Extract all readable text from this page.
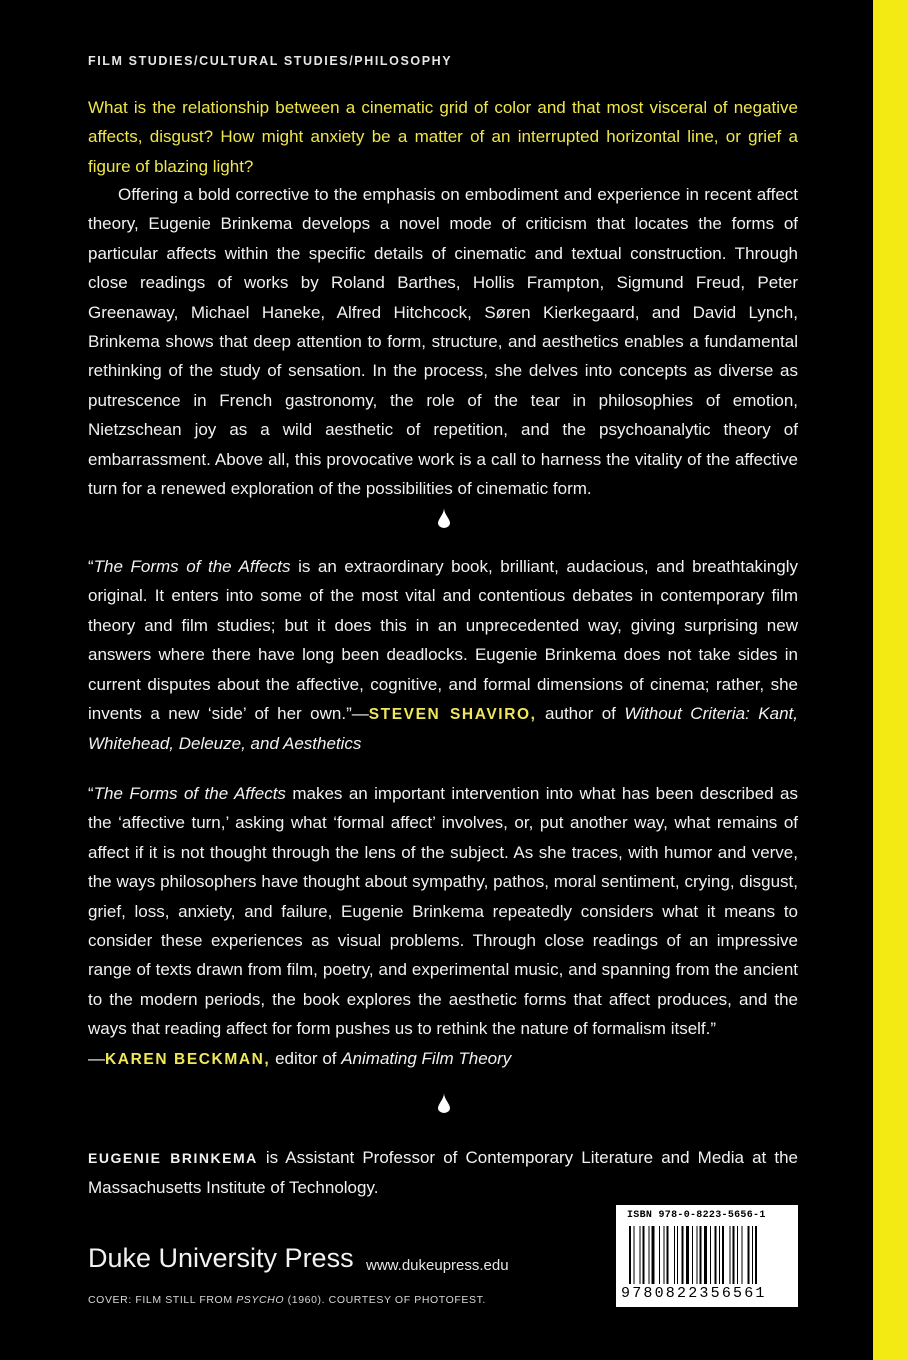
FILM STUDIES/CULTURAL STUDIES/PHILOSOPHY

What is the relationship between a cinematic grid of color and that most visceral of negative affects, disgust? How might anxiety be a matter of an interrupted horizontal line, or grief a figure of blazing light?

Offering a bold corrective to the emphasis on embodiment and experience in recent affect theory, Eugenie Brinkema develops a novel mode of criticism that locates the forms of particular affects within the specific details of cinematic and textual construction. Through close readings of works by Roland Barthes, Hollis Frampton, Sigmund Freud, Peter Greenaway, Michael Haneke, Alfred Hitchcock, Søren Kierkegaard, and David Lynch, Brinkema shows that deep attention to form, structure, and aesthetics enables a fundamental rethinking of the study of sensation. In the process, she delves into concepts as diverse as putrescence in French gastronomy, the role of the tear in philosophies of emotion, Nietzschean joy as a wild aesthetic of repetition, and the psychoanalytic theory of embarrassment. Above all, this provocative work is a call to harness the vitality of the affective turn for a renewed exploration of the possibilities of cinematic form.

“The Forms of the Affects is an extraordinary book, brilliant, audacious, and breathtakingly original. It enters into some of the most vital and contentious debates in contemporary film theory and film studies; but it does this in an unprecedented way, giving surprising new answers where there have long been deadlocks. Eugenie Brinkema does not take sides in current disputes about the affective, cognitive, and formal dimensions of cinema; rather, she invents a new ‘side’ of her own.”—STEVEN SHAVIRO, author of Without Criteria: Kant, Whitehead, Deleuze, and Aesthetics

“The Forms of the Affects makes an important intervention into what has been described as the ‘affective turn,’ asking what ‘formal affect’ involves, or, put another way, what remains of affect if it is not thought through the lens of the subject. As she traces, with humor and verve, the ways philosophers have thought about sympathy, pathos, moral sentiment, crying, disgust, grief, loss, anxiety, and failure, Eugenie Brinkema repeatedly considers what it means to consider these experiences as visual problems. Through close readings of an impressive range of texts drawn from film, poetry, and experimental music, and spanning from the ancient to the modern periods, the book explores the aesthetic forms that affect produces, and the ways that reading affect for form pushes us to rethink the nature of formalism itself.”
—KAREN BECKMAN, editor of Animating Film Theory

EUGENIE BRINKEMA is Assistant Professor of Contemporary Literature and Media at the Massachusetts Institute of Technology.

Duke University Press www.dukeupress.edu
COVER: FILM STILL FROM PSYCHO (1960). COURTESY OF PHOTOFEST.
ISBN 978-0-8223-5656-1
9780822356561
